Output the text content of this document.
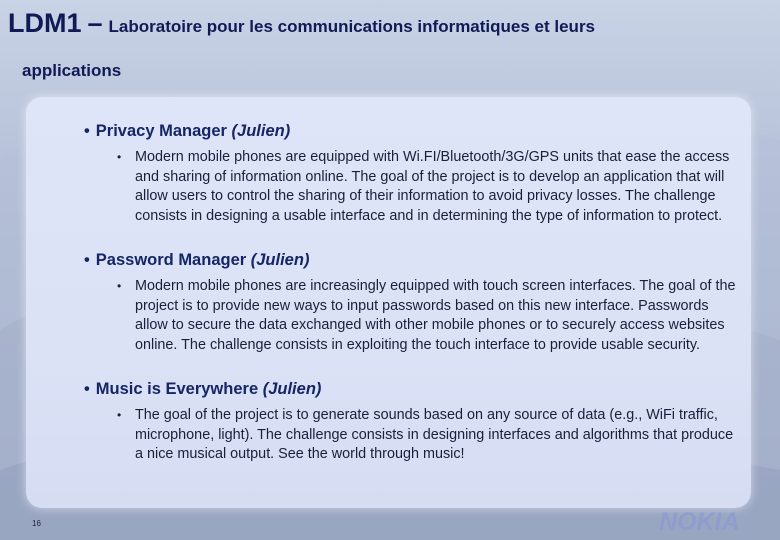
LDM1 – Laboratoire pour les communications informatiques et leurs
applications
• Privacy Manager (Julien)
• Modern mobile phones are equipped with Wi.FI/Bluetooth/3G/GPS units that ease the access and sharing of information online. The goal of the project is to develop an application that will allow users to control the sharing of their information to avoid privacy losses. The challenge consists in designing a usable interface and in determining the type of information to protect.
• Password Manager (Julien)
• Modern mobile phones are increasingly equipped with touch screen interfaces. The goal of the project is to provide new ways to input passwords based on this new interface. Passwords allow to secure the data exchanged with other mobile phones or to securely access websites online. The challenge consists in exploiting the touch interface to provide usable security.
• Music is Everywhere (Julien)
• The goal of the project is to generate sounds based on any source of data (e.g., WiFi traffic, microphone, light). The challenge consists in designing interfaces and algorithms that produce a nice musical output. See the world through music!
16	NOKIA
